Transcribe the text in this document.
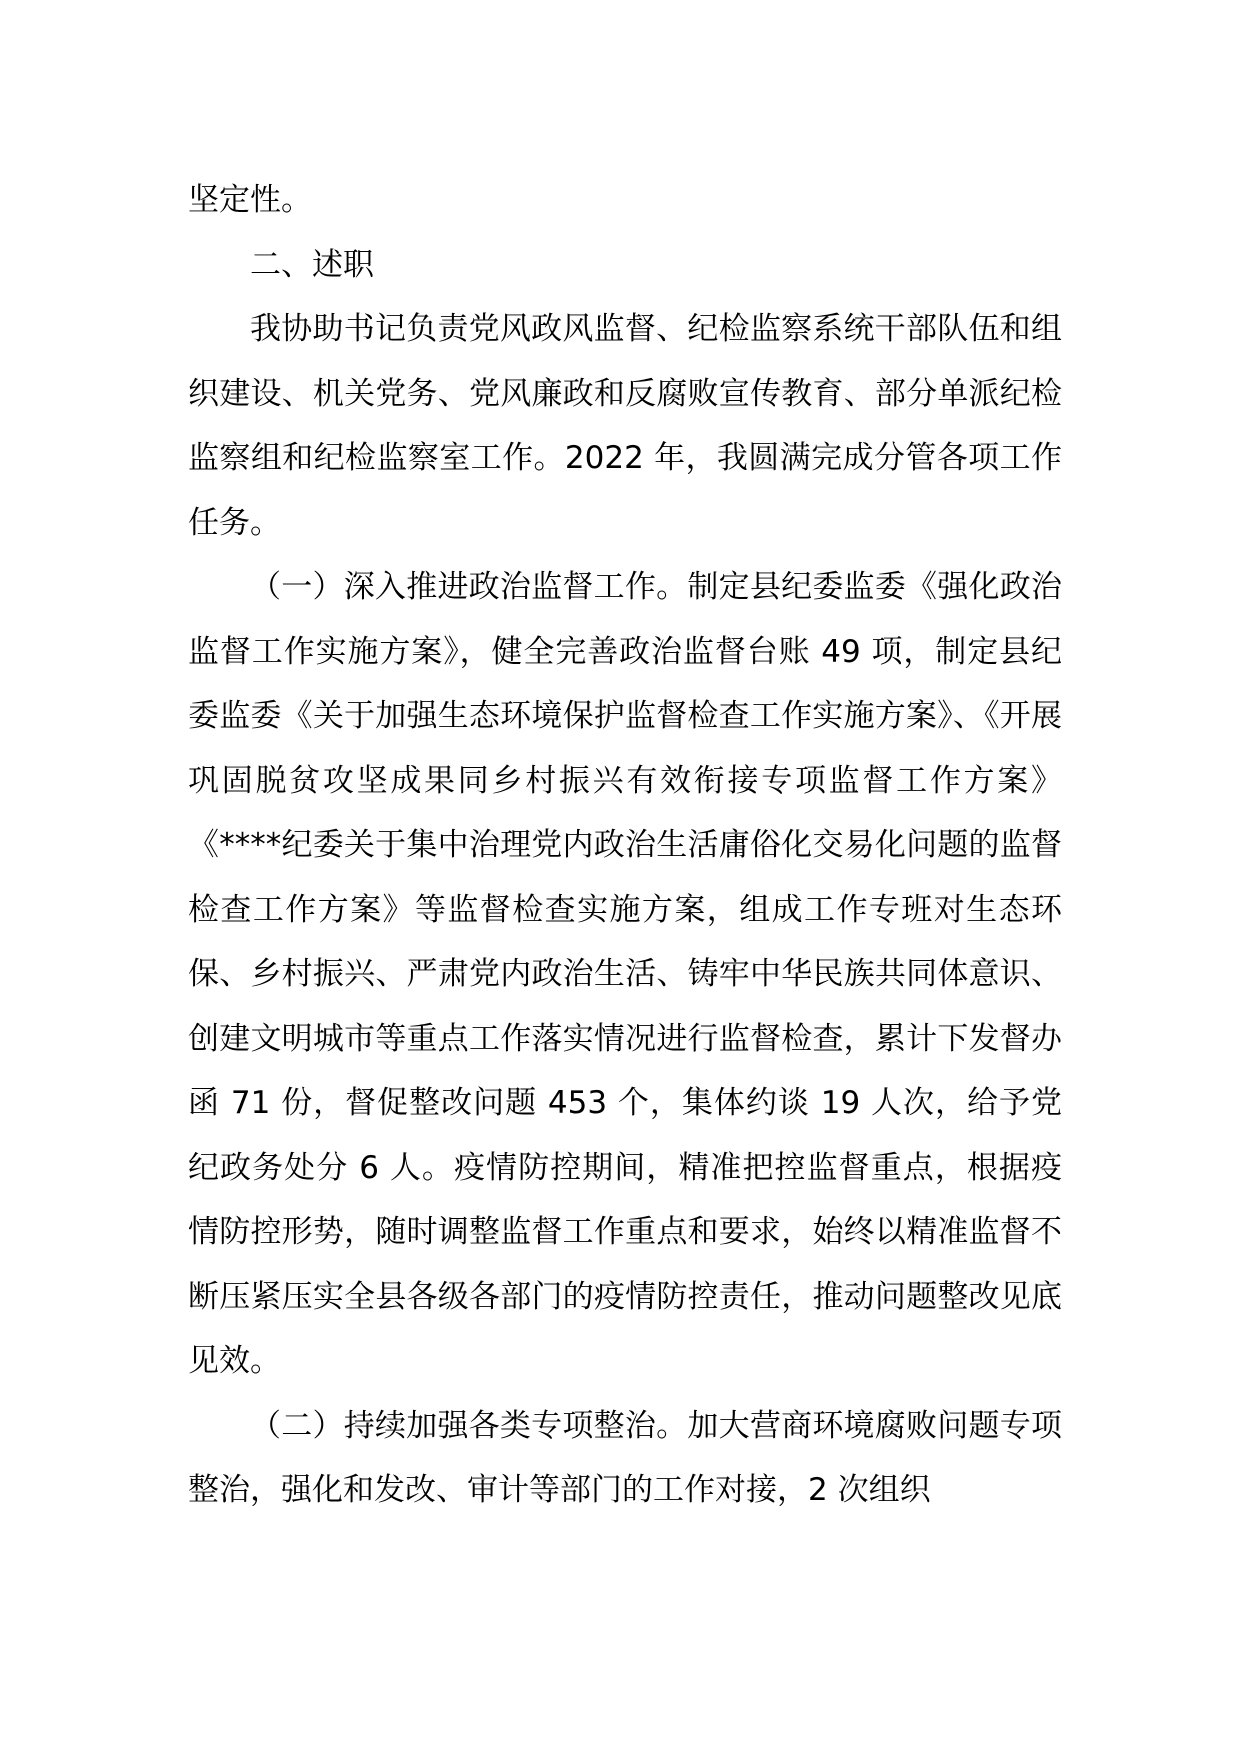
坚定性。

二、述职

我协助书记负责党风政风监督、纪检监察系统干部队伍和组织建设、机关党务、党风廉政和反腐败宣传教育、部分单派纪检监察组和纪检监察室工作。2022 年，我圆满完成分管各项工作任务。

（一）深入推进政治监督工作。制定县纪委监委《强化政治监督工作实施方案》，健全完善政治监督台账 49 项，制定县纪委监委《关于加强生态环境保护监督检查工作实施方案》、《开展巩固脱贫攻坚成果同乡村振兴有效衔接专项监督工作方案》《****纪委关于集中治理党内政治生活庸俗化交易化问题的监督检查工作方案》等监督检查实施方案，组成工作专班对生态环保、乡村振兴、严肃党内政治生活、铸牢中华民族共同体意识、创建文明城市等重点工作落实情况进行监督检查，累计下发督办函 71 份，督促整改问题 453 个，集体约谈 19 人次，给予党纪政务处分 6 人。疫情防控期间，精准把控监督重点，根据疫情防控形势，随时调整监督工作重点和要求，始终以精准监督不断压紧压实全县各级各部门的疫情防控责任，推动问题整改见底见效。

（二）持续加强各类专项整治。加大营商环境腐败问题专项整治，强化和发改、审计等部门的工作对接，2 次组织
